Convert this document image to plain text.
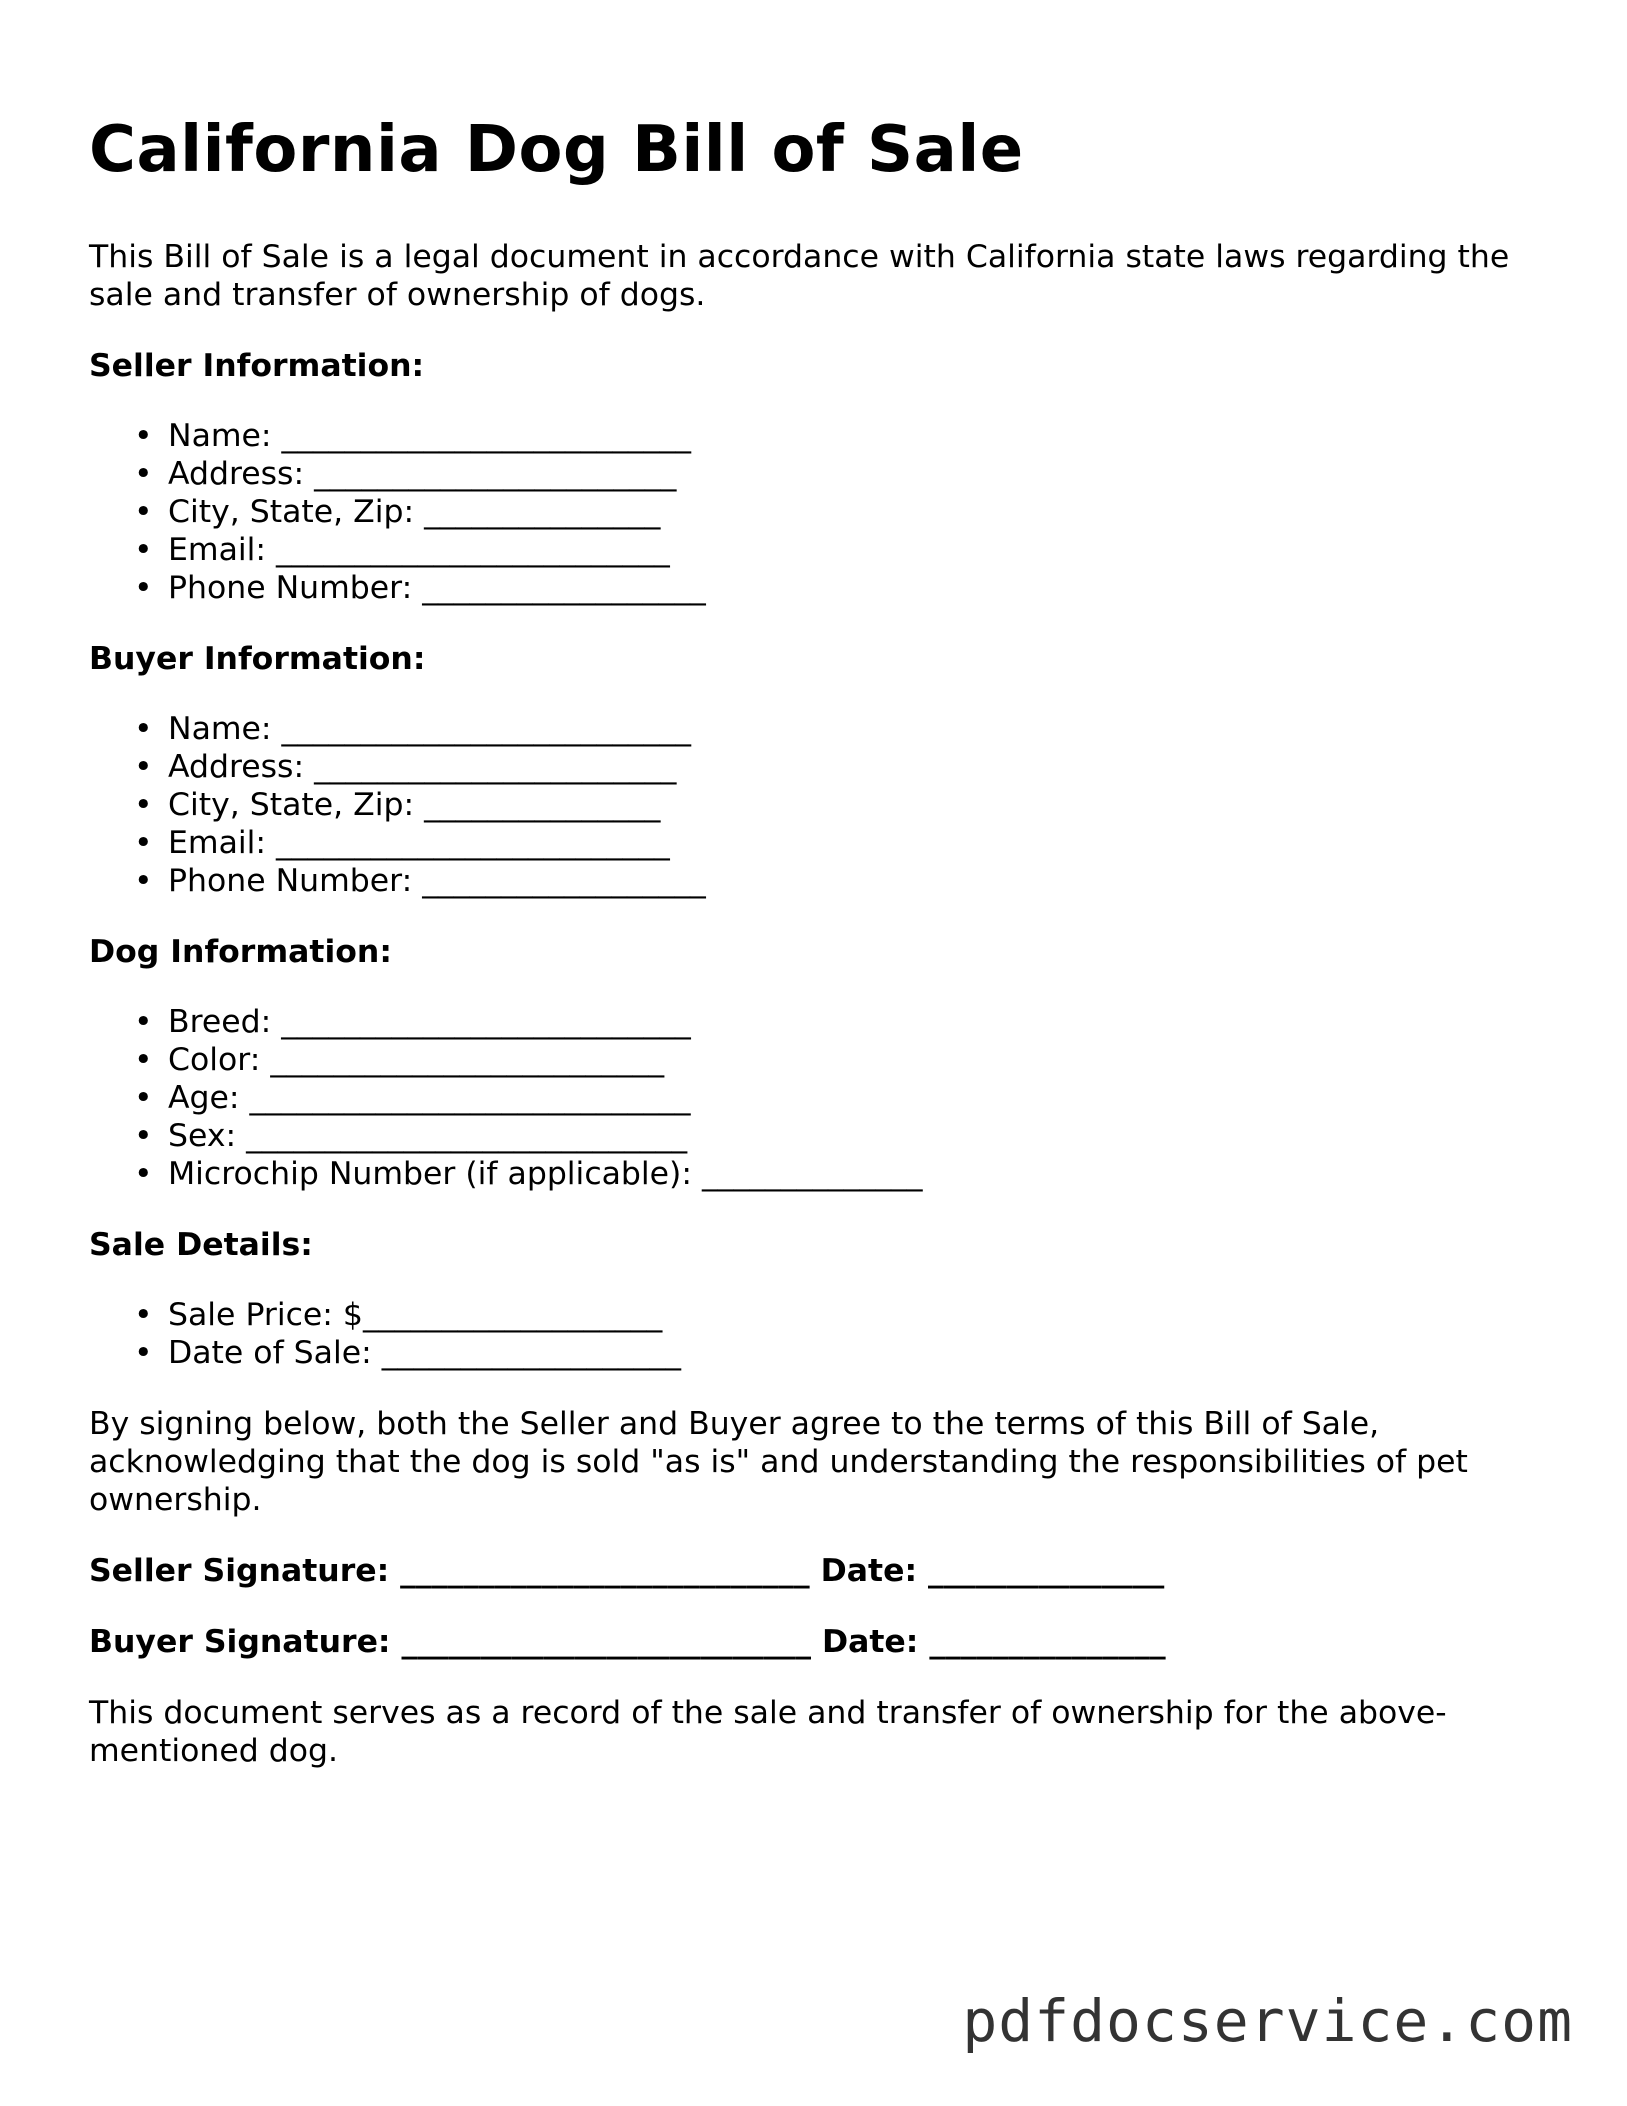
California Dog Bill of Sale

This Bill of Sale is a legal document in accordance with California state laws regarding the sale and transfer of ownership of dogs.

Seller Information:
• Name: __________________________
• Address: _______________________
• City, State, Zip: _______________
• Email: _________________________
• Phone Number: __________________
Buyer Information:
• Name: __________________________
• Address: _______________________
• City, State, Zip: _______________
• Email: _________________________
• Phone Number: __________________
Dog Information:
• Breed: __________________________
• Color: _________________________
• Age: ____________________________
• Sex: ____________________________
• Microchip Number (if applicable): ______________
Sale Details:
• Sale Price: $___________________
• Date of Sale: ___________________

By signing below, both the Seller and Buyer agree to the terms of this Bill of Sale, acknowledging that the dog is sold "as is" and understanding the responsibilities of pet ownership.

Seller Signature: __________________________ Date: _______________
Buyer Signature: __________________________ Date: _______________

This document serves as a record of the sale and transfer of ownership for the above-mentioned dog.

pdfdocservice.com
